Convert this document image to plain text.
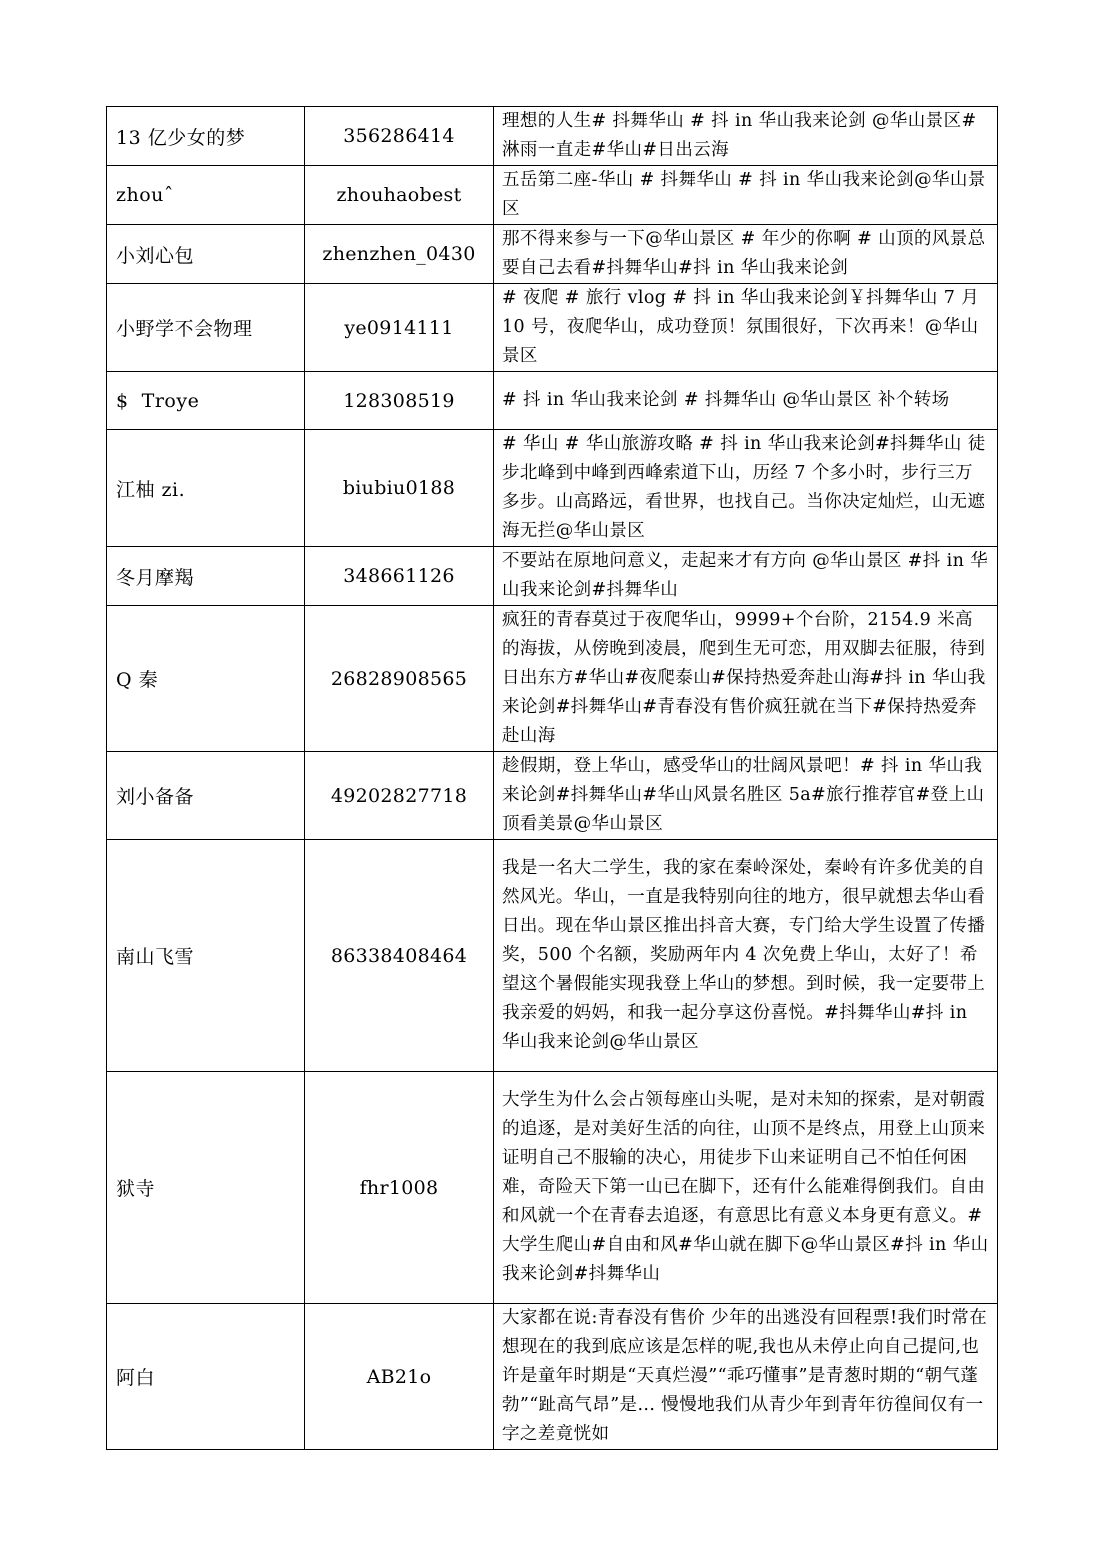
13 亿少女的梦	356286414	理想的人生# 抖舞华山 # 抖 in 华山我来论剑 @华山景区#淋雨一直走#华山#日出云海
zhouˆ	zhouhaobest	五岳第二座-华山 # 抖舞华山 # 抖 in 华山我来论剑@华山景区
小刘心包	zhenzhen_0430	那不得来参与一下@华山景区 # 年少的你啊 # 山顶的风景总要自己去看#抖舞华山#抖 in 华山我来论剑
小野学不会物理	ye0914111	# 夜爬 # 旅行 vlog # 抖 in 华山我来论剑￥抖舞华山 7 月 10 号，夜爬华山，成功登顶！氛围很好，下次再来！@华山景区
$  Troye	128308519	# 抖 in 华山我来论剑 # 抖舞华山 @华山景区 补个转场
江柚 zi.	biubiu0188	# 华山 # 华山旅游攻略 # 抖 in 华山我来论剑#抖舞华山 徒步北峰到中峰到西峰索道下山，历经 7 个多小时，步行三万多步。山高路远，看世界，也找自己。当你决定灿烂，山无遮海无拦@华山景区
冬月摩羯	348661126	不要站在原地问意义，走起来才有方向 @华山景区 #抖 in 华山我来论剑#抖舞华山
Q 秦	26828908565	疯狂的青春莫过于夜爬华山，9999+个台阶，2154.9 米高的海拔，从傍晚到凌晨，爬到生无可恋，用双脚去征服，待到日出东方#华山#夜爬泰山#保持热爱奔赴山海#抖 in 华山我来论剑#抖舞华山#青春没有售价疯狂就在当下#保持热爱奔赴山海
刘小备备	49202827718	趁假期，登上华山，感受华山的壮阔风景吧！# 抖 in 华山我来论剑#抖舞华山#华山风景名胜区 5a#旅行推荐官#登上山顶看美景@华山景区
南山飞雪	86338408464	我是一名大二学生，我的家在秦岭深处，秦岭有许多优美的自然风光。华山，一直是我特别向往的地方，很早就想去华山看日出。现在华山景区推出抖音大赛，专门给大学生设置了传播奖，500 个名额，奖励两年内 4 次免费上华山，太好了！希望这个暑假能实现我登上华山的梦想。到时候，我一定要带上我亲爱的妈妈，和我一起分享这份喜悦。#抖舞华山#抖 in 华山我来论剑@华山景区
狱寺	fhr1008	大学生为什么会占领每座山头呢，是对未知的探索，是对朝霞的追逐，是对美好生活的向往，山顶不是终点，用登上山顶来证明自己不服输的决心，用徒步下山来证明自己不怕任何困难，奇险天下第一山已在脚下，还有什么能难得倒我们。自由和风就一个在青春去追逐，有意思比有意义本身更有意义。#大学生爬山#自由和风#华山就在脚下@华山景区#抖 in 华山我来论剑#抖舞华山
阿白	AB21o	大家都在说:青春没有售价 少年的出逃没有回程票!我们时常在想现在的我到底应该是怎样的呢,我也从未停止向自己提问,也许是童年时期是“天真烂漫”“乖巧懂事”是青葱时期的“朝气蓬勃”“趾高气昂”是... 慢慢地我们从青少年到青年彷徨间仅有一字之差竟恍如
